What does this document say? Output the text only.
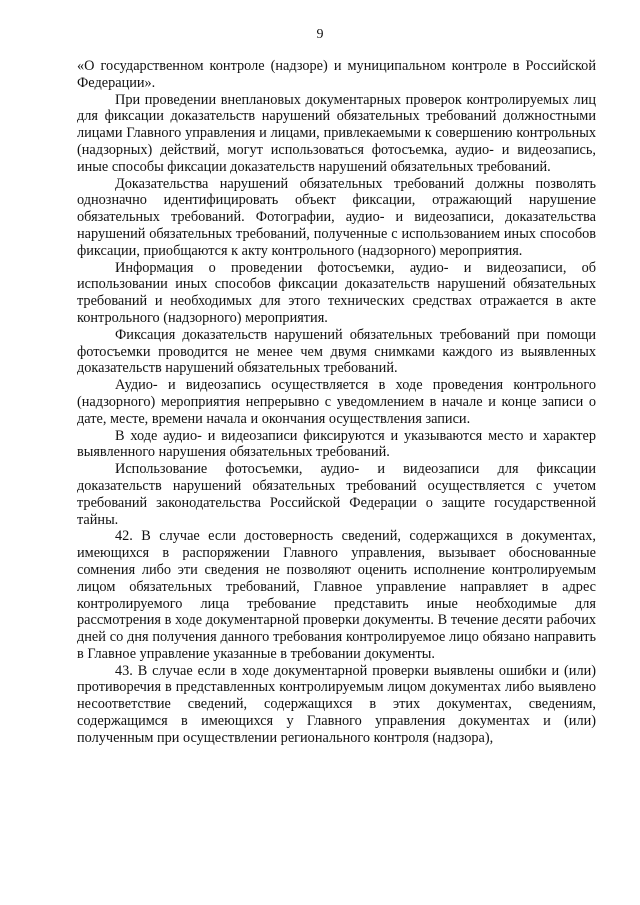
9

«О государственном контроле (надзоре) и муниципальном контроле в Российской Федерации».

При проведении внеплановых документарных проверок контролируемых лиц для фиксации доказательств нарушений обязательных требований должностными лицами Главного управления и лицами, привлекаемыми к совершению контрольных (надзорных) действий, могут использоваться фотосъемка, аудио- и видеозапись, иные способы фиксации доказательств нарушений обязательных требований.

Доказательства нарушений обязательных требований должны позволять однозначно идентифицировать объект фиксации, отражающий нарушение обязательных требований. Фотографии, аудио- и видеозаписи, доказательства нарушений обязательных требований, полученные с использованием иных способов фиксации, приобщаются к акту контрольного (надзорного) мероприятия.

Информация о проведении фотосъемки, аудио- и видеозаписи, об использовании иных способов фиксации доказательств нарушений обязательных требований и необходимых для этого технических средствах отражается в акте контрольного (надзорного) мероприятия.

Фиксация доказательств нарушений обязательных требований при помощи фотосъемки проводится не менее чем двумя снимками каждого из выявленных доказательств нарушений обязательных требований.

Аудио- и видеозапись осуществляется в ходе проведения контрольного (надзорного) мероприятия непрерывно с уведомлением в начале и конце записи о дате, месте, времени начала и окончания осуществления записи.

В ходе аудио- и видеозаписи фиксируются и указываются место и характер выявленного нарушения обязательных требований.

Использование фотосъемки, аудио- и видеозаписи для фиксации доказательств нарушений обязательных требований осуществляется с учетом требований законодательства Российской Федерации о защите государственной тайны.

42. В случае если достоверность сведений, содержащихся в документах, имеющихся в распоряжении Главного управления, вызывает обоснованные сомнения либо эти сведения не позволяют оценить исполнение контролируемым лицом обязательных требований, Главное управление направляет в адрес контролируемого лица требование представить иные необходимые для рассмотрения в ходе документарной проверки документы. В течение десяти рабочих дней со дня получения данного требования контролируемое лицо обязано направить в Главное управление указанные в требовании документы.

43. В случае если в ходе документарной проверки выявлены ошибки и (или) противоречия в представленных контролируемым лицом документах либо выявлено несоответствие сведений, содержащихся в этих документах, сведениям, содержащимся в имеющихся у Главного управления документах и (или) полученным при осуществлении регионального контроля (надзора),
